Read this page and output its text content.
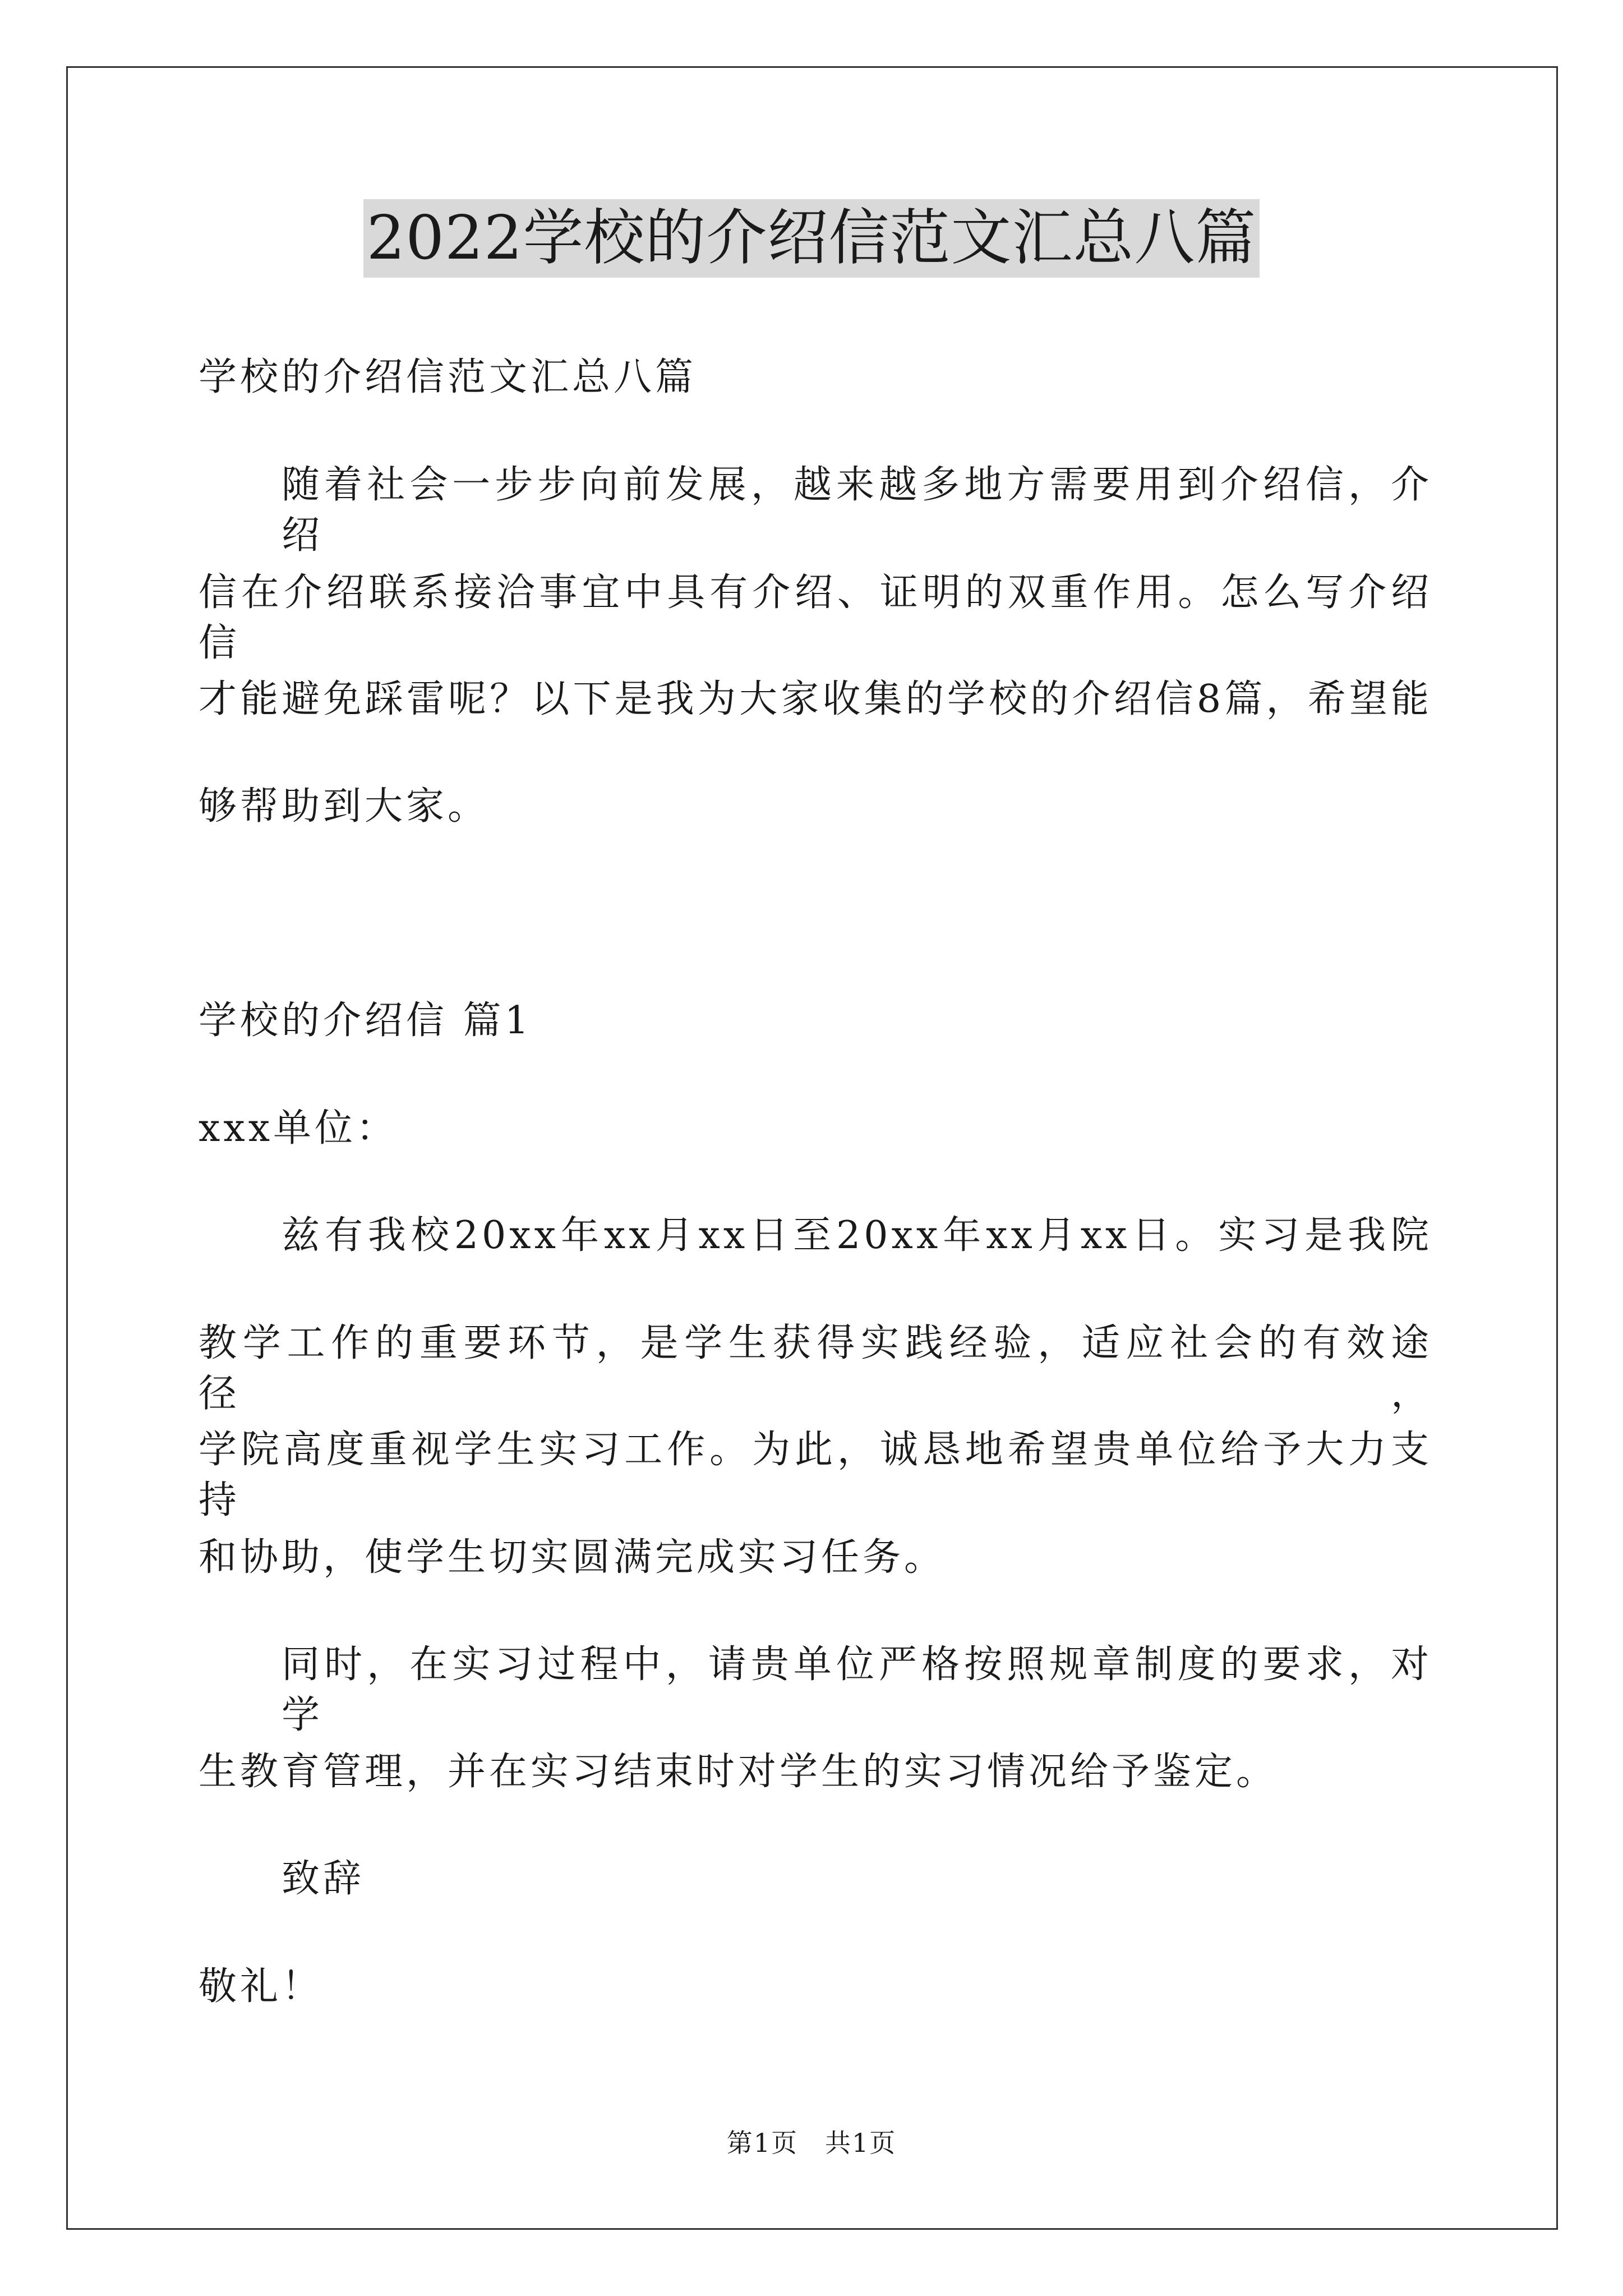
2022学校的介绍信范文汇总八篇
学校的介绍信范文汇总八篇
随着社会一步步向前发展，越来越多地方需要用到介绍信，介绍
信在介绍联系接洽事宜中具有介绍、证明的双重作用。怎么写介绍信
才能避免踩雷呢？以下是我为大家收集的学校的介绍信8篇，希望能
够帮助到大家。
学校的介绍信 篇1
xxx单位：
兹有我校20xx年xx月xx日至20xx年xx月xx日。实习是我院
教学工作的重要环节，是学生获得实践经验，适应社会的有效途径，
学院高度重视学生实习工作。为此，诚恳地希望贵单位给予大力支持
和协助，使学生切实圆满完成实习任务。
同时，在实习过程中，请贵单位严格按照规章制度的要求，对学
生教育管理，并在实习结束时对学生的实习情况给予鉴定。
致辞
敬礼！
第1页　共1页
